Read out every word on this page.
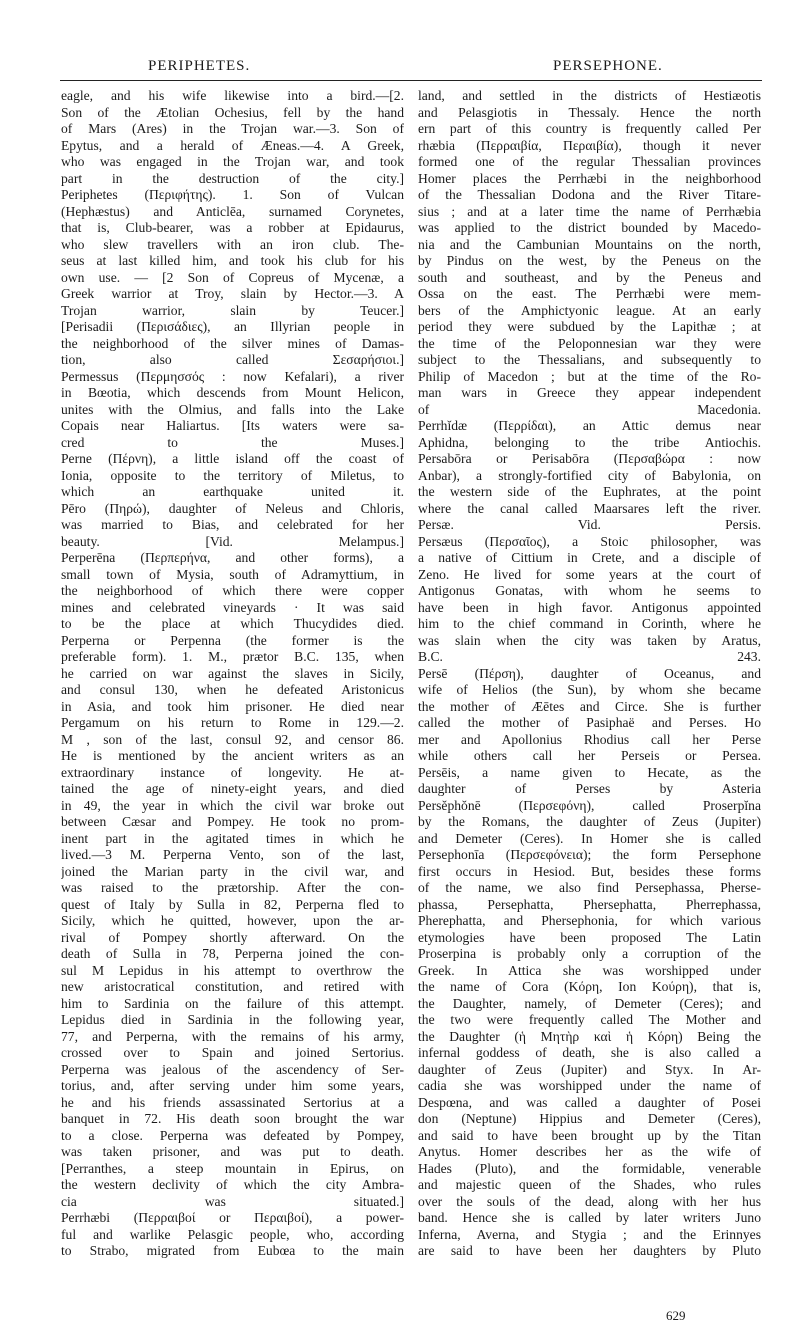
PERIPHETES.	PERSEPHONE.
eagle, and his wife likewise into a bird.—[2.
Son of the Ætolian Ochesius, fell by the hand
of Mars (Ares) in the Trojan war.—3. Son of
Epytus, and a herald of Æneas.—4. A Greek,
who was engaged in the Trojan war, and took
part in the destruction of the city.]
Periphetes (Περιφήτης). 1. Son of Vulcan
(Hephæstus) and Anticlēa, surnamed Corynetes,
that is, Club-bearer, was a robber at Epidaurus,
who slew travellers with an iron club. The-
seus at last killed him, and took his club for his
own use. — [2 Son of Copreus of Mycenæ, a
Greek warrior at Troy, slain by Hector.—3. A
Trojan warrior, slain by Teucer.]
[Perisadii (Περισάδιες), an Illyrian people in
the neighborhood of the silver mines of Damas-
tion, also called Σεσαρήσιοι.]
Permessus (Περμησσός : now Kefalari), a river
in Bœotia, which descends from Mount Helicon,
unites with the Olmius, and falls into the Lake
Copais near Haliartus. [Its waters were sa-
cred to the Muses.]
Perne (Πέρνη), a little island off the coast of
Ionia, opposite to the territory of Miletus, to
which an earthquake united it.
Pēro (Πηρώ), daughter of Neleus and Chloris,
was married to Bias, and celebrated for her
beauty. [Vid. Melampus.]
Perperēna (Περπερήνα, and other forms), a
small town of Mysia, south of Adramyttium, in
the neighborhood of which there were copper
mines and celebrated vineyards · It was said
to be the place at which Thucydides died.
Perperna or Perpenna (the former is the
preferable form). 1. M., prætor B.C. 135, when
he carried on war against the slaves in Sicily,
and consul 130, when he defeated Aristonicus
in Asia, and took him prisoner. He died near
Pergamum on his return to Rome in 129.—2.
M , son of the last, consul 92, and censor 86.
He is mentioned by the ancient writers as an
extraordinary instance of longevity. He at-
tained the age of ninety-eight years, and died
in 49, the year in which the civil war broke out
between Cæsar and Pompey. He took no prom-
inent part in the agitated times in which he
lived.—3 M. Perperna Vento, son of the last,
joined the Marian party in the civil war, and
was raised to the prætorship. After the con-
quest of Italy by Sulla in 82, Perperna fled to
Sicily, which he quitted, however, upon the ar-
rival of Pompey shortly afterward. On the
death of Sulla in 78, Perperna joined the con-
sul M Lepidus in his attempt to overthrow the
new aristocratical constitution, and retired with
him to Sardinia on the failure of this attempt.
Lepidus died in Sardinia in the following year,
77, and Perperna, with the remains of his army,
crossed over to Spain and joined Sertorius.
Perperna was jealous of the ascendency of Ser-
torius, and, after serving under him some years,
he and his friends assassinated Sertorius at a
banquet in 72. His death soon brought the war
to a close. Perperna was defeated by Pompey,
was taken prisoner, and was put to death.
[Perranthes, a steep mountain in Epirus, on
the western declivity of which the city Ambra-
cia was situated.]
Perrhæbi (Περραιβοί or Περαιβοί), a power-
ful and warlike Pelasgic people, who, according
to Strabo, migrated from Eubœa to the main
land, and settled in the districts of Hestiæotis
and Pelasgiotis in Thessaly. Hence the north
ern part of this country is frequently called Per
rhæbia (Περραιβία, Περαιβία), though it never
formed one of the regular Thessalian provinces
Homer places the Perrhæbi in the neighborhood
of the Thessalian Dodona and the River Titare-
sius ; and at a later time the name of Perrhæbia
was applied to the district bounded by Macedo-
nia and the Cambunian Mountains on the north,
by Pindus on the west, by the Peneus on the
south and southeast, and by the Peneus and
Ossa on the east. The Perrhæbi were mem-
bers of the Amphictyonic league. At an early
period they were subdued by the Lapithæ ; at
the time of the Peloponnesian war they were
subject to the Thessalians, and subsequently to
Philip of Macedon ; but at the time of the Ro-
man wars in Greece they appear independent
of Macedonia.
Perrhĭdæ (Περρίδαι), an Attic demus near
Aphidna, belonging to the tribe Antiochis.
Persabōra or Perisabōra (Περσαβώρα : now
Anbar), a strongly-fortified city of Babylonia, on
the western side of the Euphrates, at the point
where the canal called Maarsares left the river.
Persæ. Vid. Persis.
Persæus (Περσαῖος), a Stoic philosopher, was
a native of Cittium in Crete, and a disciple of
Zeno. He lived for some years at the court of
Antigonus Gonatas, with whom he seems to
have been in high favor. Antigonus appointed
him to the chief command in Corinth, where he
was slain when the city was taken by Aratus,
B.C. 243.
Persē (Πέρση), daughter of Oceanus, and
wife of Helios (the Sun), by whom she became
the mother of Æētes and Circe. She is further
called the mother of Pasiphaë and Perses. Ho
mer and Apollonius Rhodius call her Perse
while others call her Perseis or Persea.
Persēis, a name given to Hecate, as the
daughter of Perses by Asteria
Persĕphŏnē (Περσεφόνη), called Proserpĭna
by the Romans, the daughter of Zeus (Jupiter)
and Demeter (Ceres). In Homer she is called
Persephonīa (Περσεφόνεια); the form Persephone
first occurs in Hesiod. But, besides these forms
of the name, we also find Persephassa, Pherse-
phassa, Persephatta, Phersephatta, Pherrephassa,
Pherephatta, and Phersephonia, for which various
etymologies have been proposed The Latin
Proserpina is probably only a corruption of the
Greek. In Attica she was worshipped under
the name of Cora (Κόρη, Ion Κούρη), that is,
the Daughter, namely, of Demeter (Ceres); and
the two were frequently called The Mother and
the Daughter (ἡ Μητὴρ καὶ ἡ Κόρη) Being the
infernal goddess of death, she is also called a
daughter of Zeus (Jupiter) and Styx. In Ar-
cadia she was worshipped under the name of
Despœna, and was called a daughter of Posei
don (Neptune) Hippius and Demeter (Ceres),
and said to have been brought up by the Titan
Anytus. Homer describes her as the wife of
Hades (Pluto), and the formidable, venerable
and majestic queen of the Shades, who rules
over the souls of the dead, along with her hus
band. Hence she is called by later writers Juno
Inferna, Averna, and Stygia ; and the Erinnyes
are said to have been her daughters by Pluto
629
